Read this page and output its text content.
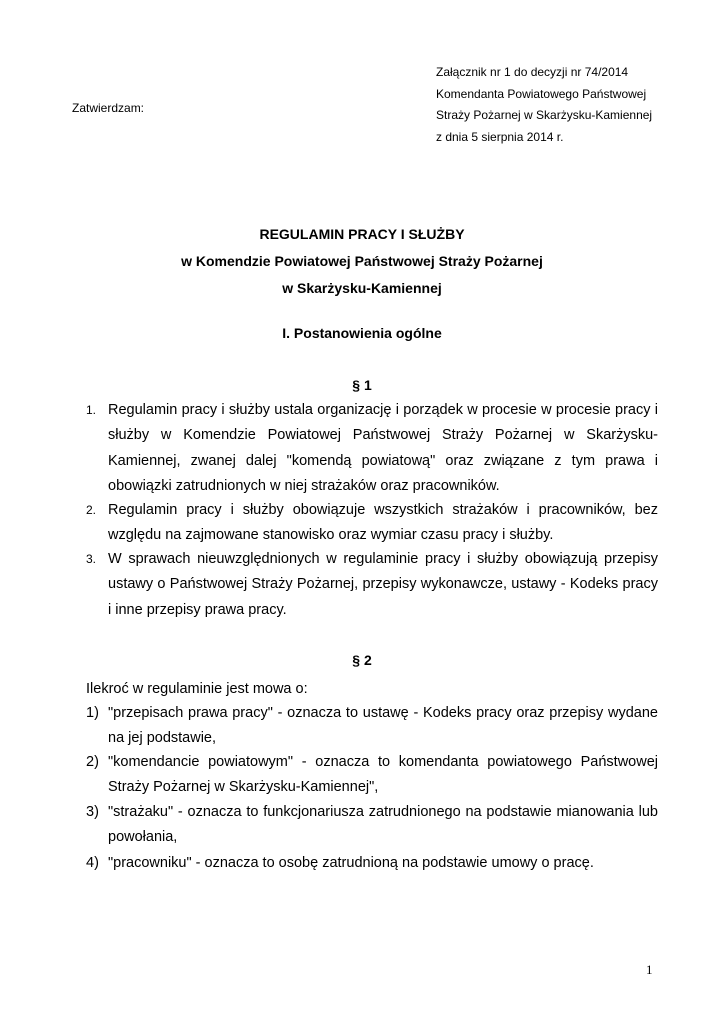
Zatwierdzam:
Załącznik nr 1 do decyzji nr 74/2014
Komendanta Powiatowego Państwowej
Straży Pożarnej w Skarżysku-Kamiennej
z dnia 5 sierpnia 2014 r.
REGULAMIN PRACY I SŁUŻBY
w Komendzie Powiatowej Państwowej Straży Pożarnej
w Skarżysku-Kamiennej
I. Postanowienia ogólne
§ 1
1. Regulamin pracy i służby ustala organizację i porządek w procesie w procesie pracy i służby w Komendzie Powiatowej Państwowej Straży Pożarnej w Skarżysku-Kamiennej, zwanej dalej "komendą powiatową" oraz związane z tym prawa i obowiązki zatrudnionych w niej strażaków oraz pracowników.
2. Regulamin pracy i służby obowiązuje wszystkich strażaków i pracowników, bez względu na zajmowane stanowisko oraz wymiar czasu pracy i służby.
3. W sprawach nieuwzględnionych w regulaminie pracy i służby obowiązują przepisy ustawy o Państwowej Straży Pożarnej, przepisy wykonawcze, ustawy - Kodeks pracy i inne przepisy prawa pracy.
§ 2
Ilekroć w regulaminie jest mowa o:
1) "przepisach prawa pracy" - oznacza to ustawę - Kodeks pracy oraz przepisy wydane na jej podstawie,
2) "komendancie powiatowym" - oznacza to komendanta powiatowego Państwowej Straży Pożarnej w Skarżysku-Kamiennej",
3) "strażaku" - oznacza to funkcjonariusza zatrudnionego na podstawie mianowania lub powołania,
4) "pracowniku" - oznacza to osobę zatrudnioną na podstawie umowy o pracę.
1
